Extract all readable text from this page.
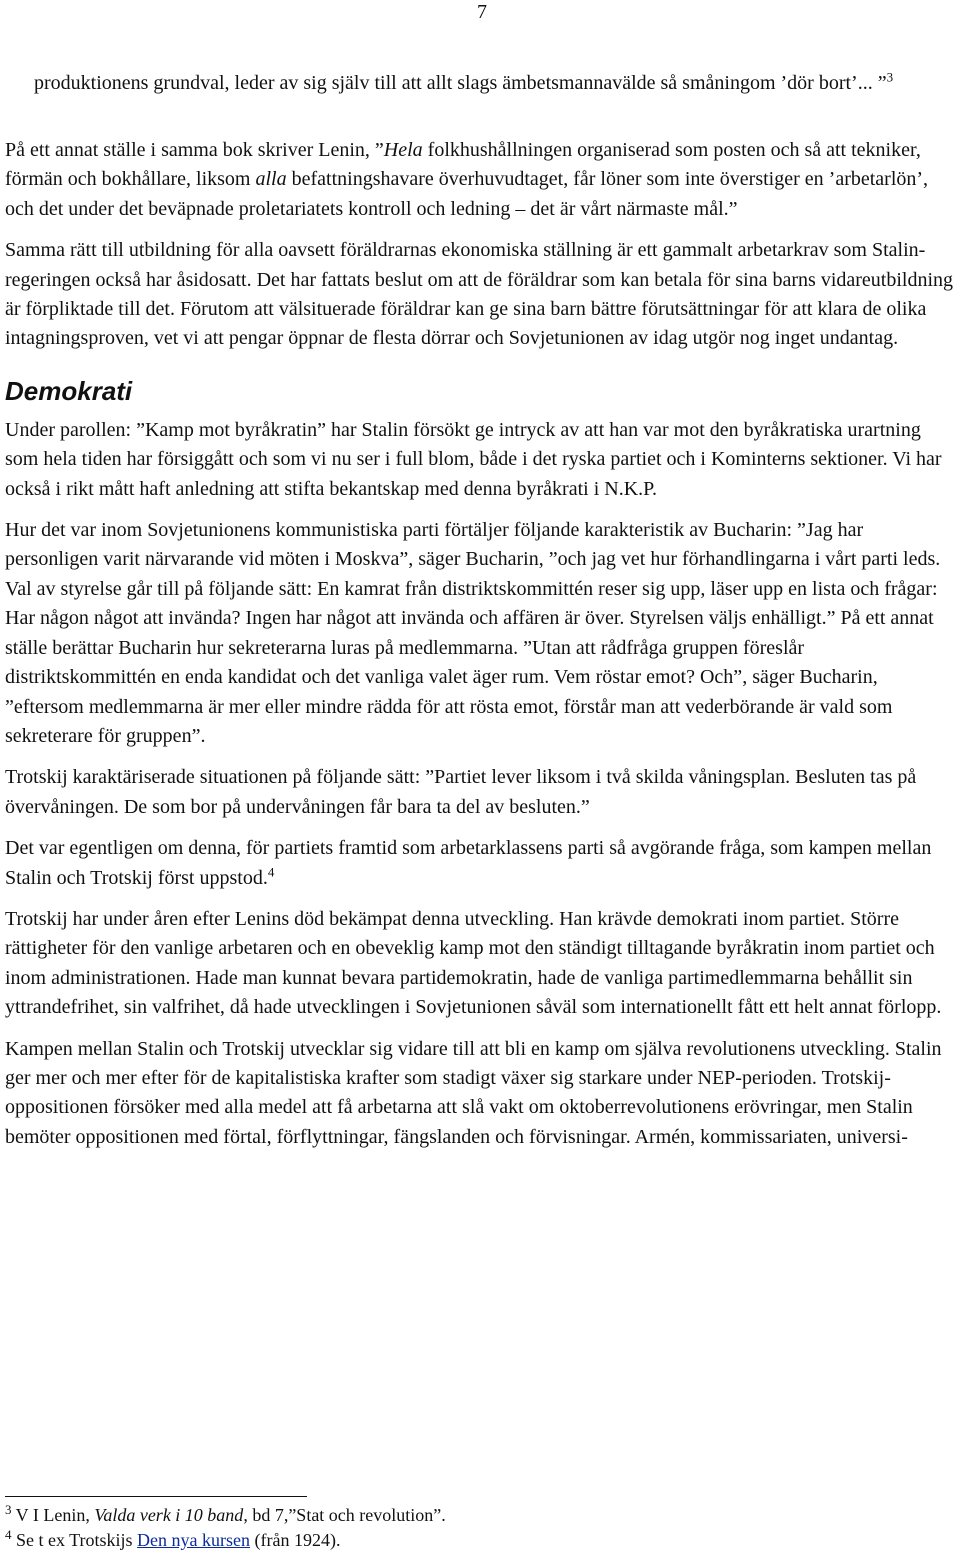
7

produktionens grundval, leder av sig själv till att allt slags ämbetsmannavälde så småningom ’dör bort’... ”$^3$

På ett annat ställe i samma bok skriver Lenin, ”Hela folkhushållningen organiserad som posten och så att tekniker, förmän och bokhållare, liksom alla befattningshavare överhuvudtaget, får löner som inte överstiger en ’arbetarlön’, och det under det beväpnade proletariatets kontroll och ledning – det är vårt närmaste mål.”

Samma rätt till utbildning för alla oavsett föräldrarnas ekonomiska ställning är ett gammalt arbetarkrav som Stalin-regeringen också har åsidosatt. Det har fattats beslut om att de föräldrar som kan betala för sina barns vidareutbildning är förpliktade till det. Förutom att välsituerade föräldrar kan ge sina barn bättre förutsättningar för att klara de olika intagningsproven, vet vi att pengar öppnar de flesta dörrar och Sovjetunionen av idag utgör nog inget undantag.

Demokrati

Under parollen: ”Kamp mot byråkratin” har Stalin försökt ge intryck av att han var mot den byråkratiska urartning som hela tiden har försiggått och som vi nu ser i full blom, både i det ryska partiet och i Kominterns sektioner. Vi har också i rikt mått haft anledning att stifta bekantskap med denna byråkrati i N.K.P.

Hur det var inom Sovjetunionens kommunistiska parti förtäljer följande karakteristik av Bucharin: ”Jag har personligen varit närvarande vid möten i Moskva”, säger Bucharin, ”och jag vet hur förhandlingarna i vårt parti leds. Val av styrelse går till på följande sätt: En kamrat från distriktskommittén reser sig upp, läser upp en lista och frågar: Har någon något att invända? Ingen har något att invända och affären är över. Styrelsen väljs enhälligt.” På ett annat ställe berättar Bucharin hur sekreterarna luras på medlemmarna. ”Utan att rådfråga gruppen föreslår distriktskommittén en enda kandidat och det vanliga valet äger rum. Vem röstar emot? Och”, säger Bucharin, ”eftersom medlemmarna är mer eller mindre rädda för att rösta emot, förstår man att vederbörande är vald som sekreterare för gruppen”.

Trotskij karaktäriserade situationen på följande sätt: ”Partiet lever liksom i två skilda våningsplan. Besluten tas på övervåningen. De som bor på undervåningen får bara ta del av besluten.”

Det var egentligen om denna, för partiets framtid som arbetarklassens parti så avgörande fråga, som kampen mellan Stalin och Trotskij först uppstod.$^4$

Trotskij har under åren efter Lenins död bekämpat denna utveckling. Han krävde demokrati inom partiet. Större rättigheter för den vanlige arbetaren och en obeveklig kamp mot den ständigt tilltagande byråkratin inom partiet och inom administrationen. Hade man kunnat bevara partidemokratin, hade de vanliga partimedlemmarna behållit sin yttrandefrihet, sin valfrihet, då hade utvecklingen i Sovjetunionen såväl som internationellt fått ett helt annat förlopp.

Kampen mellan Stalin och Trotskij utvecklar sig vidare till att bli en kamp om själva revolutionens utveckling. Stalin ger mer och mer efter för de kapitalistiska krafter som stadigt växer sig starkare under NEP-perioden. Trotskij-oppositionen försöker med alla medel att få arbetarna att slå vakt om oktoberrevolutionens erövringar, men Stalin bemöter oppositionen med förtal, förflyttningar, fängslanden och förvisningar. Armén, kommissariaten, universi-

$^3$ V I Lenin, Valda verk i 10 band, bd 7,”Stat och revolution”.

$^4$ Se t ex Trotskijs Den nya kursen (från 1924).
